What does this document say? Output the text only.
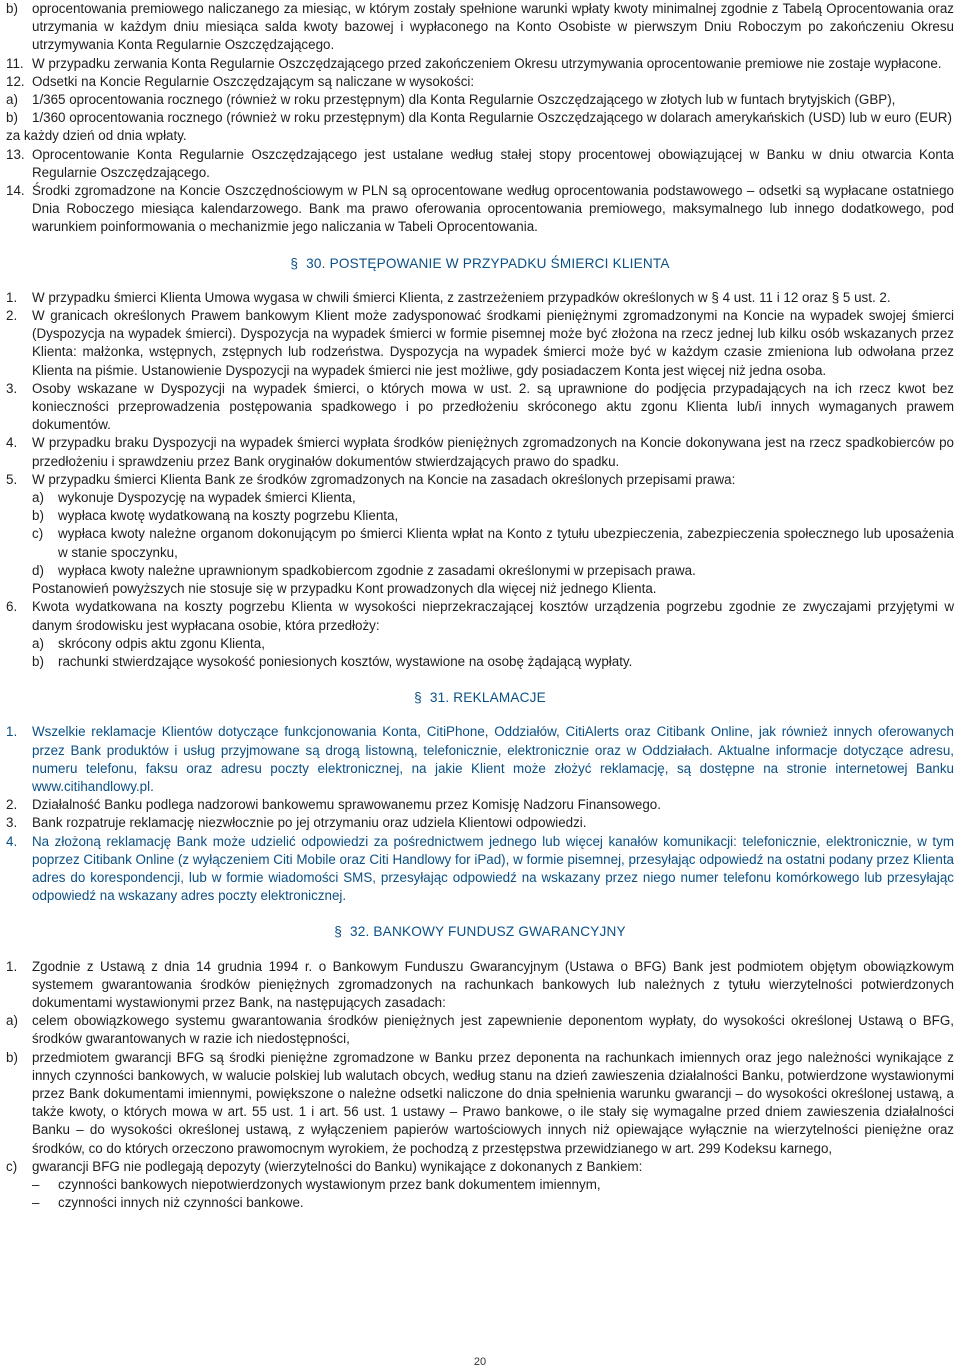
b)	oprocentowania premiowego naliczanego za miesiąc, w którym zostały spełnione warunki wpłaty kwoty minimalnej zgodnie z Tabelą Oprocentowania oraz utrzymania w każdym dniu miesiąca salda kwoty bazowej i wypłaconego na Konto Osobiste w pierwszym Dniu Roboczym po zakończeniu Okresu utrzymywania Konta Regularnie Oszczędzającego.
11. W przypadku zerwania Konta Regularnie Oszczędzającego przed zakończeniem Okresu utrzymywania oprocentowanie premiowe nie zostaje wypłacone.
12. Odsetki na Koncie Regularnie Oszczędzającym są naliczane w wysokości:
a)	1/365 oprocentowania rocznego (również w roku przestępnym) dla Konta Regularnie Oszczędzającego w złotych lub w funtach brytyjskich (GBP),
b)	1/360 oprocentowania rocznego (również w roku przestępnym) dla Konta Regularnie Oszczędzającego w dolarach amerykańskich (USD) lub w euro (EUR)
za każdy dzień od dnia wpłaty.
13. Oprocentowanie Konta Regularnie Oszczędzającego jest ustalane według stałej stopy procentowej obowiązującej w Banku w dniu otwarcia Konta Regularnie Oszczędzającego.
14. Środki zgromadzone na Koncie Oszczędnościowym w PLN są oprocentowane według oprocentowania podstawowego – odsetki są wypłacane ostatniego Dnia Roboczego miesiąca kalendarzowego. Bank ma prawo oferowania oprocentowania premiowego, maksymalnego lub innego dodatkowego, pod warunkiem poinformowania o mechanizmie jego naliczania w Tabeli Oprocentowania.
§ 30. POSTĘPOWANIE W PRZYPADKU ŚMIERCI KLIENTA
1.	W przypadku śmierci Klienta Umowa wygasa w chwili śmierci Klienta, z zastrzeżeniem przypadków określonych w § 4 ust. 11 i 12 oraz § 5 ust. 2.
2.	W granicach określonych Prawem bankowym Klient może zadysponować środkami pieniężnymi zgromadzonymi na Koncie na wypadek swojej śmierci (Dyspozycja na wypadek śmierci). Dyspozycja na wypadek śmierci w formie pisemnej może być złożona na rzecz jednej lub kilku osób wskazanych przez Klienta: małżonka, wstępnych, zstępnych lub rodzeństwa. Dyspozycja na wypadek śmierci może być w każdym czasie zmieniona lub odwołana przez Klienta na piśmie. Ustanowienie Dyspozycji na wypadek śmierci nie jest możliwe, gdy posiadaczem Konta jest więcej niż jedna osoba.
3.	Osoby wskazane w Dyspozycji na wypadek śmierci, o których mowa w ust. 2. są uprawnione do podjęcia przypadających na ich rzecz kwot bez konieczności przeprowadzenia postępowania spadkowego i po przedłożeniu skróconego aktu zgonu Klienta lub/i innych wymaganych prawem dokumentów.
4.	W przypadku braku Dyspozycji na wypadek śmierci wypłata środków pieniężnych zgromadzonych na Koncie dokonywana jest na rzecz spadkobierców po przedłożeniu i sprawdzeniu przez Bank oryginałów dokumentów stwierdzających prawo do spadku.
5.	W przypadku śmierci Klienta Bank ze środków zgromadzonych na Koncie na zasadach określonych przepisami prawa:
a)	wykonuje Dyspozycję na wypadek śmierci Klienta,
b)	wypłaca kwotę wydatkowaną na koszty pogrzebu Klienta,
c)	wypłaca kwoty należne organom dokonującym po śmierci Klienta wpłat na Konto z tytułu ubezpieczenia, zabezpieczenia społecznego lub uposażenia w stanie spoczynku,
d)	wypłaca kwoty należne uprawnionym spadkobiercom zgodnie z zasadami określonymi w przepisach prawa.
Postanowień powyższych nie stosuje się w przypadku Kont prowadzonych dla więcej niż jednego Klienta.
6.	Kwota wydatkowana na koszty pogrzebu Klienta w wysokości nieprzekraczającej kosztów urządzenia pogrzebu zgodnie ze zwyczajami przyjętymi w danym środowisku jest wypłacana osobie, która przedłoży:
a)	skrócony odpis aktu zgonu Klienta,
b)	rachunki stwierdzające wysokość poniesionych kosztów, wystawione na osobę żądającą wypłaty.
§ 31. REKLAMACJE
1.	Wszelkie reklamacje Klientów dotyczące funkcjonowania Konta, CitiPhone, Oddziałów, CitiAlerts oraz Citibank Online, jak również innych oferowanych przez Bank produktów i usług przyjmowane są drogą listowną, telefonicznie, elektronicznie oraz w Oddziałach. Aktualne informacje dotyczące adresu, numeru telefonu, faksu oraz adresu poczty elektronicznej, na jakie Klient może złożyć reklamację, są dostępne na stronie internetowej Banku www.citihandlowy.pl.
2.	Działalność Banku podlega nadzorowi bankowemu sprawowanemu przez Komisję Nadzoru Finansowego.
3.	Bank rozpatruje reklamację niezwłocznie po jej otrzymaniu oraz udziela Klientowi odpowiedzi.
4.	Na złożoną reklamację Bank może udzielić odpowiedzi za pośrednictwem jednego lub więcej kanałów komunikacji: telefonicznie, elektronicznie, w tym poprzez Citibank Online (z wyłączeniem Citi Mobile oraz Citi Handlowy for iPad), w formie pisemnej, przesyłając odpowiedź na ostatni podany przez Klienta adres do korespondencji, lub w formie wiadomości SMS, przesyłając odpowiedź na wskazany przez niego numer telefonu komórkowego lub przesyłając odpowiedź na wskazany adres poczty elektronicznej.
§ 32. BANKOWY FUNDUSZ GWARANCYJNY
1.	Zgodnie z Ustawą z dnia 14 grudnia 1994 r. o Bankowym Funduszu Gwarancyjnym (Ustawa o BFG) Bank jest podmiotem objętym obowiązkowym systemem gwarantowania środków pieniężnych zgromadzonych na rachunkach bankowych lub należnych z tytułu wierzytelności potwierdzonych dokumentami wystawionymi przez Bank, na następujących zasadach:
a)	celem obowiązkowego systemu gwarantowania środków pieniężnych jest zapewnienie deponentom wypłaty, do wysokości określonej Ustawą o BFG, środków gwarantowanych w razie ich niedostępności,
b)	przedmiotem gwarancji BFG są środki pieniężne zgromadzone w Banku przez deponenta na rachunkach imiennych oraz jego należności wynikające z innych czynności bankowych, w walucie polskiej lub walutach obcych, według stanu na dzień zawieszenia działalności Banku, potwierdzone wystawionymi przez Bank dokumentami imiennymi, powiększone o należne odsetki naliczone do dnia spełnienia warunku gwarancji – do wysokości określonej ustawą, a także kwoty, o których mowa w art. 55 ust. 1 i art. 56 ust. 1 ustawy – Prawo bankowe, o ile stały się wymagalne przed dniem zawieszenia działalności Banku – do wysokości określonej ustawą, z wyłączeniem papierów wartościowych innych niż opiewające wyłącznie na wierzytelności pieniężne oraz środków, co do których orzeczono prawomocnym wyrokiem, że pochodzą z przestępstwa przewidzianego w art. 299 Kodeksu karnego,
c)	gwarancji BFG nie podlegają depozyty (wierzytelności do Banku) wynikające z dokonanych z Bankiem:
–	czynności bankowych niepotwierdzonych wystawionym przez bank dokumentem imiennym,
–	czynności innych niż czynności bankowe.
20
